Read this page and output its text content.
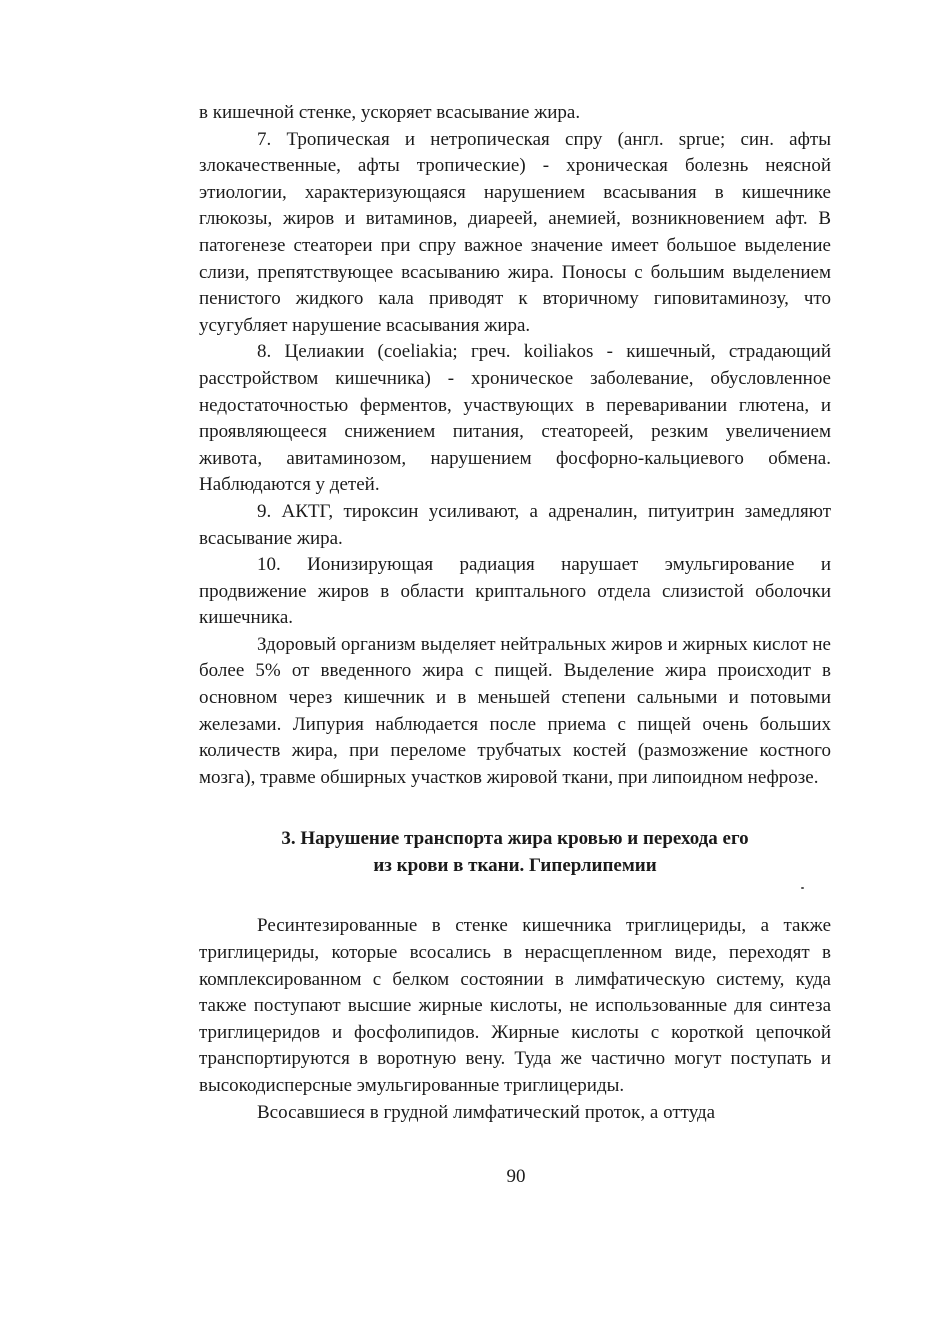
в кишечной стенке, ускоряет всасывание жира.

7. Тропическая и нетропическая спру (англ. sprue; син. афты злокачественные, афты тропические) - хроническая болезнь неясной этиологии, характеризующаяся нарушением всасывания в кишечнике глюкозы, жиров и витаминов, диареей, анемией, возникновением афт. В патогенезе стеатореи при спру важное значение имеет большое выделение слизи, препятствующее всасыванию жира. Поносы с большим выделением пенистого жидкого кала приводят к вторичному гиповитаминозу, что усугубляет нарушение всасывания жира.

8. Целиакии (coeliakia; греч. koiliakos - кишечный, страдающий расстройством кишечника) - хроническое заболевание, обусловленное недостаточностью ферментов, участвующих в переваривании глютена, и проявляющееся снижением питания, стеатореей, резким увеличением живота, авитаминозом, нарушением фосфорно-кальциевого обмена. Наблюдаются у детей.

9. АКТГ, тироксин усиливают, а адреналин, питуитрин замедляют всасывание жира.

10. Ионизирующая радиация нарушает эмульгирование и продвижение жиров в области криптального отдела слизистой оболочки кишечника.

Здоровый организм выделяет нейтральных жиров и жирных кислот не более 5% от введенного жира с пищей. Выделение жира происходит в основном через кишечник и в меньшей степени сальными и потовыми железами. Липурия наблюдается после приема с пищей очень больших количеств жира, при переломе трубчатых костей (размозжение костного мозга), травме обширных участков жировой ткани, при липоидном нефрозе.

3. Нарушение транспорта жира кровью и перехода его
из крови в ткани. Гиперлипемии

Ресинтезированные в стенке кишечника триглицериды, а также триглицериды, которые всосались в нерасщепленном виде, переходят в комплексированном с белком состоянии в лимфатическую систему, куда также поступают высшие жирные кислоты, не использованные для синтеза триглицеридов и фосфолипидов. Жирные кислоты с короткой цепочкой транспортируются в воротную вену. Туда же частично могут поступать и высокодисперсные эмульгированные триглицериды.

Всосавшиеся в грудной лимфатический проток, а оттуда

90
